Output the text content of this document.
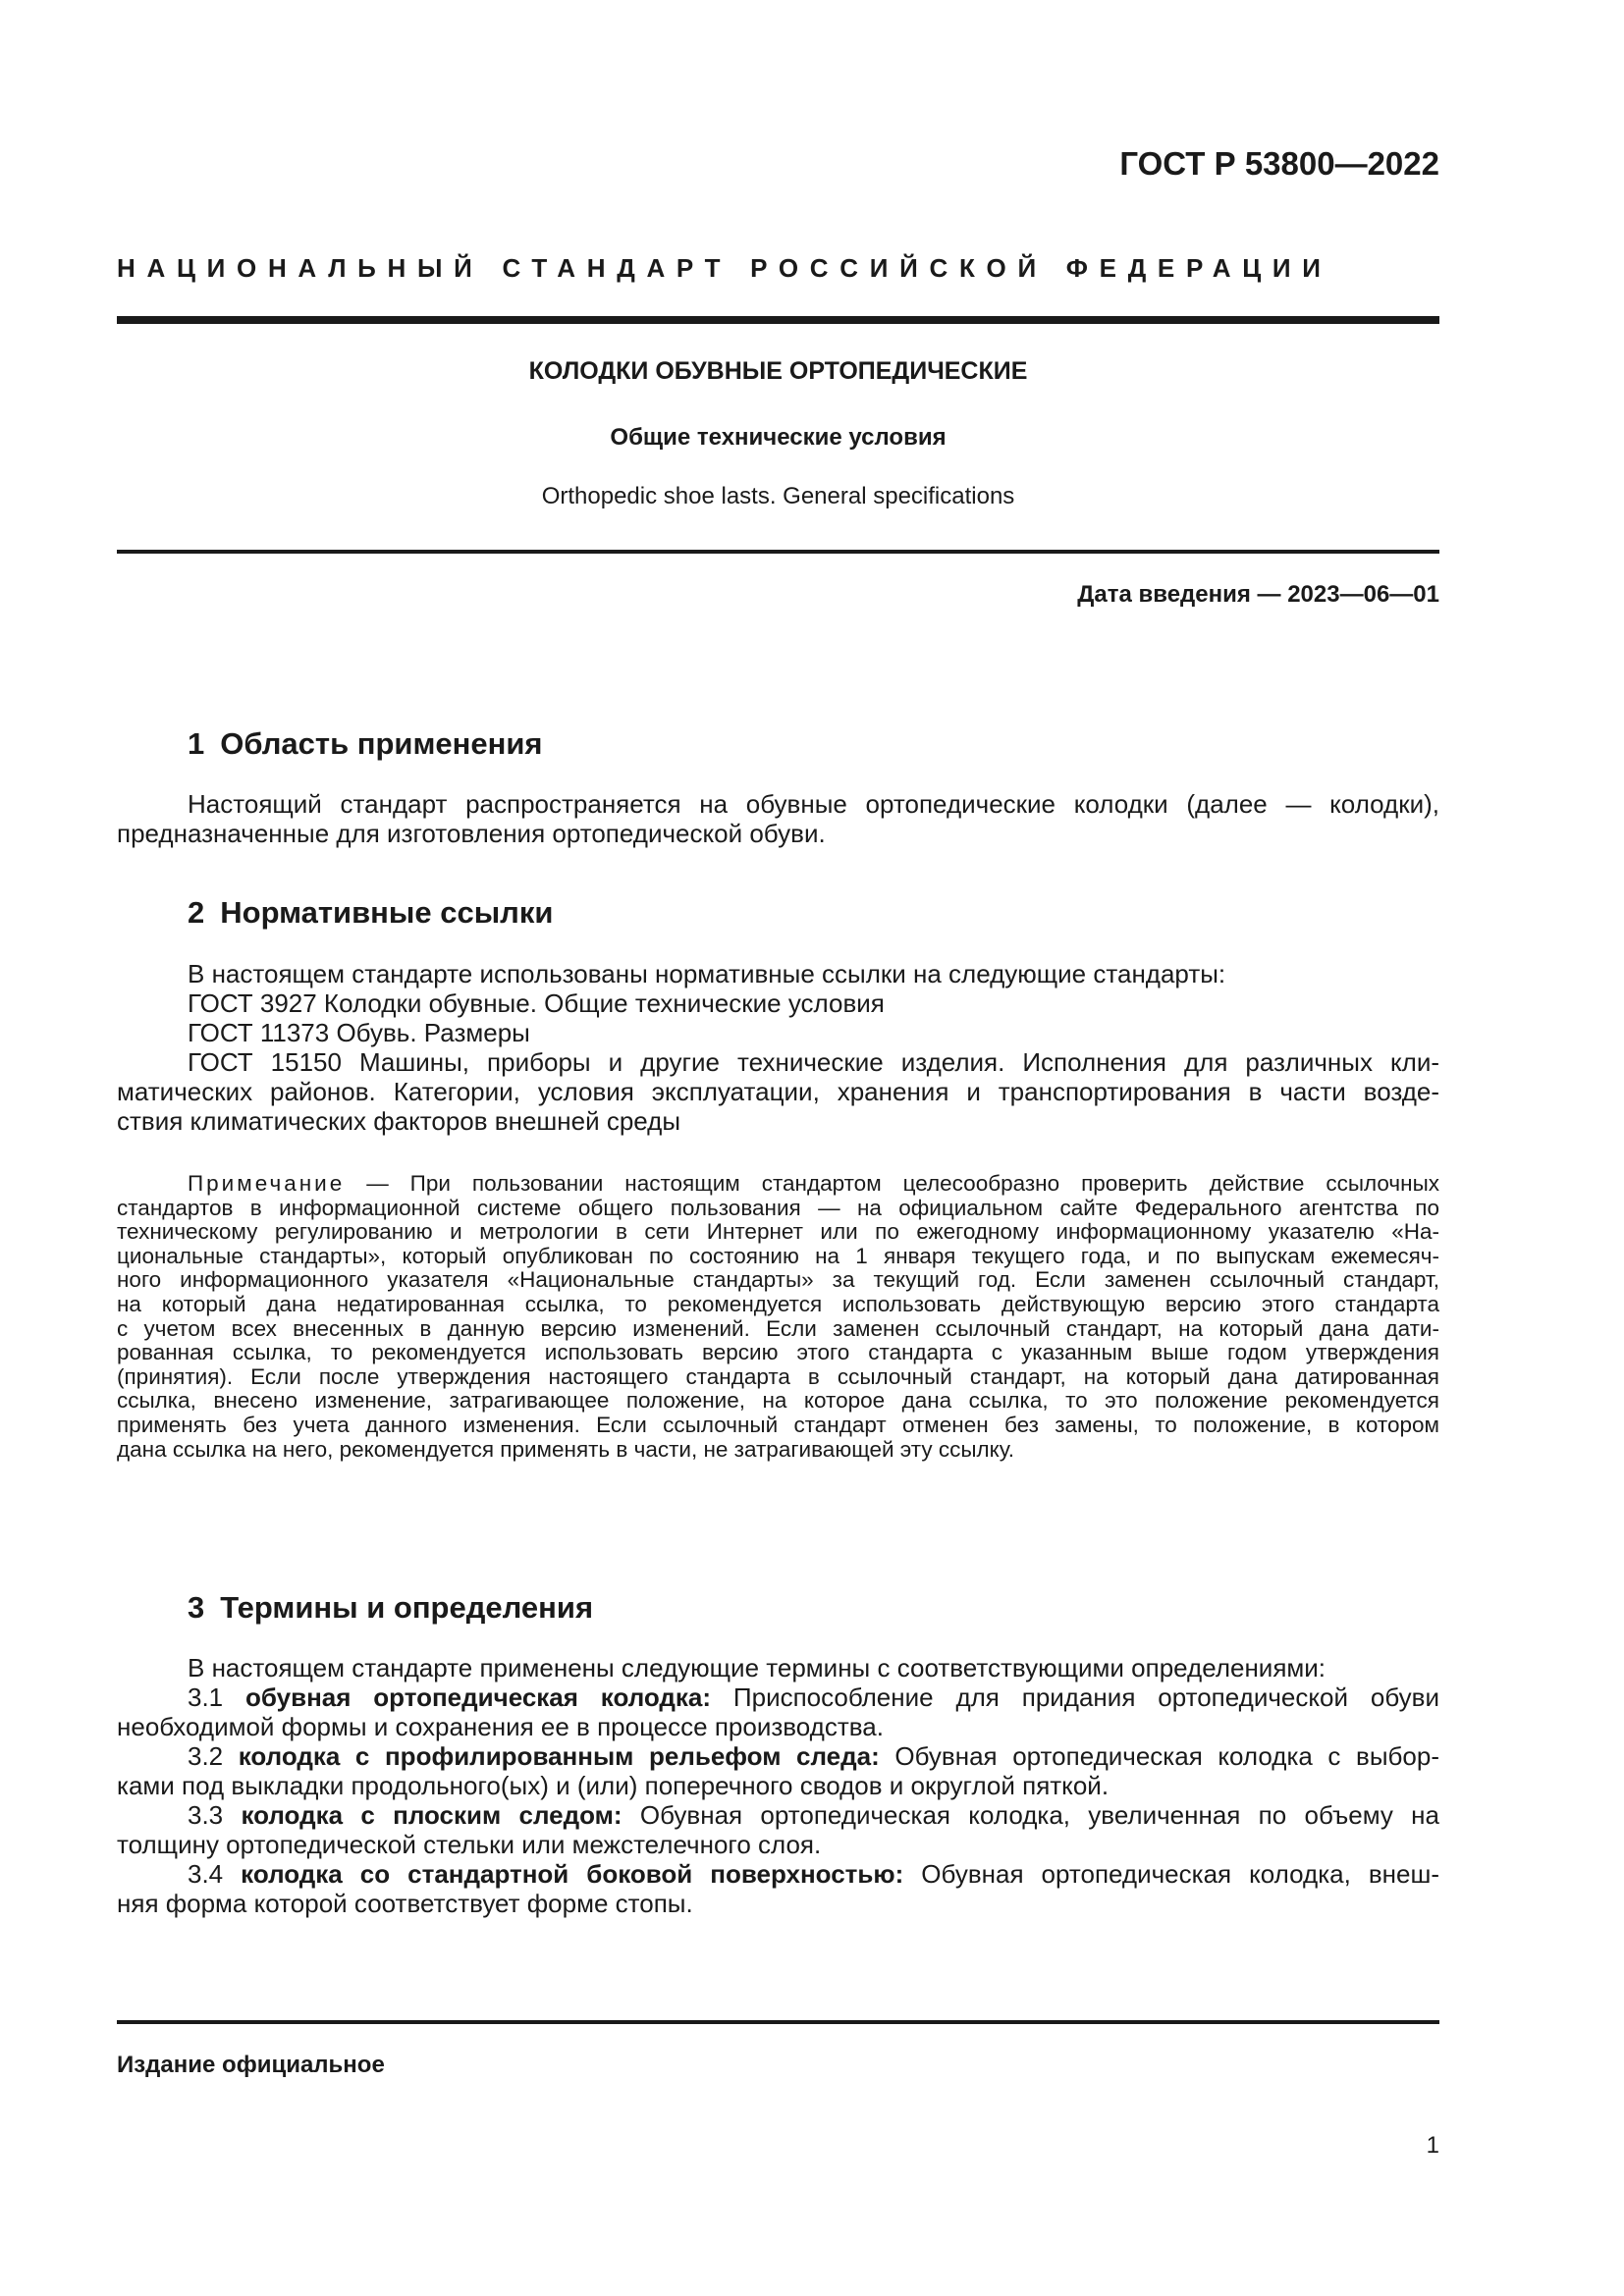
ГОСТ Р 53800—2022
НАЦИОНАЛЬНЫЙ СТАНДАРТ РОССИЙСКОЙ ФЕДЕРАЦИИ
КОЛОДКИ ОБУВНЫЕ ОРТОПЕДИЧЕСКИЕ
Общие технические условия
Orthopedic shoe lasts. General specifications
Дата введения — 2023—06—01
1 Область применения
Настоящий стандарт распространяется на обувные ортопедические колодки (далее — колодки),
предназначенные для изготовления ортопедической обуви.
2 Нормативные ссылки
В настоящем стандарте использованы нормативные ссылки на следующие стандарты:
ГОСТ 3927 Колодки обувные. Общие технические условия
ГОСТ 11373 Обувь. Размеры
ГОСТ 15150 Машины, приборы и другие технические изделия. Исполнения для различных кли-
матических районов. Категории, условия эксплуатации, хранения и транспортирования в части возде-
ствия климатических факторов внешней среды
Примечание — При пользовании настоящим стандартом целесообразно проверить действие ссылочных
стандартов в информационной системе общего пользования — на официальном сайте Федерального агентства по
техническому регулированию и метрологии в сети Интернет или по ежегодному информационному указателю «На-
циональные стандарты», который опубликован по состоянию на 1 января текущего года, и по выпускам ежемесяч-
ного информационного указателя «Национальные стандарты» за текущий год. Если заменен ссылочный стандарт,
на который дана недатированная ссылка, то рекомендуется использовать действующую версию этого стандарта
с учетом всех внесенных в данную версию изменений. Если заменен ссылочный стандарт, на который дана дати-
рованная ссылка, то рекомендуется использовать версию этого стандарта с указанным выше годом утверждения
(принятия). Если после утверждения настоящего стандарта в ссылочный стандарт, на который дана датированная
ссылка, внесено изменение, затрагивающее положение, на которое дана ссылка, то это положение рекомендуется
применять без учета данного изменения. Если ссылочный стандарт отменен без замены, то положение, в котором
дана ссылка на него, рекомендуется применять в части, не затрагивающей эту ссылку.
3 Термины и определения
В настоящем стандарте применены следующие термины с соответствующими определениями:
3.1 обувная ортопедическая колодка: Приспособление для придания ортопедической обуви
необходимой формы и сохранения ее в процессе производства.
3.2 колодка с профилированным рельефом следа: Обувная ортопедическая колодка с выбор-
ками под выкладки продольного(ых) и (или) поперечного сводов и округлой пяткой.
3.3 колодка с плоским следом: Обувная ортопедическая колодка, увеличенная по объему на
толщину ортопедической стельки или межстелечного слоя.
3.4 колодка со стандартной боковой поверхностью: Обувная ортопедическая колодка, внеш-
няя форма которой соответствует форме стопы.
Издание официальное
1
